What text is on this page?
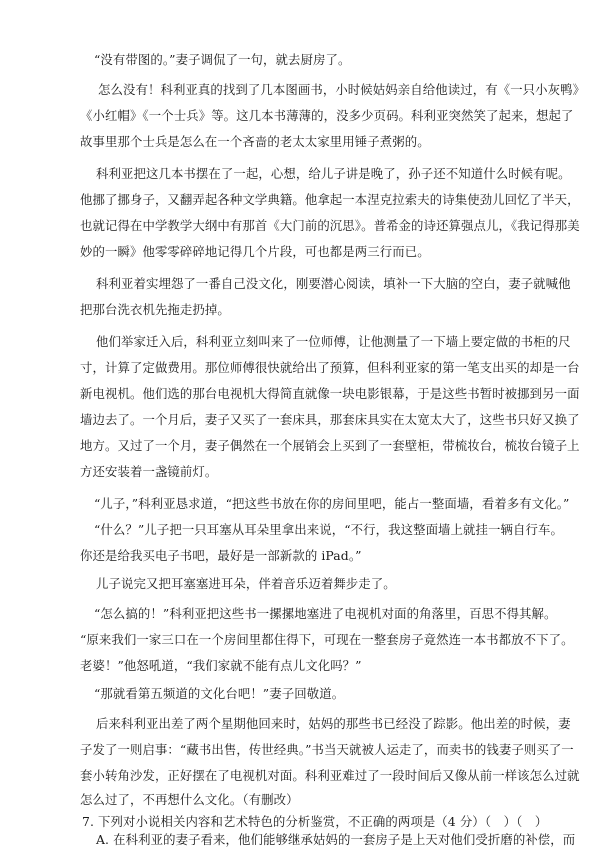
“没有带图的。”妻子调侃了一句，就去厨房了。
怎么没有！科利亚真的找到了几本图画书，小时候姑妈亲自给他读过，有《一只小灰鸭》
《小红帽》《一个士兵》等。这几本书薄薄的，没多少页码。科利亚突然笑了起来，想起了
故事里那个士兵是怎么在一个吝啬的老太太家里用锤子煮粥的。
科利亚把这几本书摆在了一起，心想，给儿子讲是晚了，孙子还不知道什么时候有呢。
他挪了挪身子，又翻弄起各种文学典籍。他拿起一本涅克拉索夫的诗集使劲儿回忆了半天，
也就记得在中学教学大纲中有那首《大门前的沉思》。普希金的诗还算强点儿，《我记得那美
妙的一瞬》他零零碎碎地记得几个片段，可也都是两三行而已。
科利亚着实埋怨了一番自己没文化，刚要潜心阅读，填补一下大脑的空白，妻子就喊他
把那台洗衣机先拖走扔掉。
他们举家迁入后，科利亚立刻叫来了一位师傅，让他测量了一下墙上要定做的书柜的尺
寸，计算了定做费用。那位师傅很快就给出了预算，但科利亚家的第一笔支出买的却是一台
新电视机。他们选的那台电视机大得简直就像一块电影银幕，于是这些书暂时被挪到另一面
墙边去了。一个月后，妻子又买了一套床具，那套床具实在太宽太大了，这些书只好又换了
地方。又过了一个月，妻子偶然在一个展销会上买到了一套壁柜，带梳妆台，梳妆台镜子上
方还安装着一盏镜前灯。
“儿子，”科利亚恳求道，“把这些书放在你的房间里吧，能占一整面墙，看着多有文化。”
“什么？”儿子把一只耳塞从耳朵里拿出来说，“不行，我这整面墙上就挂一辆自行车。
你还是给我买电子书吧，最好是一部新款的 iPad。”
儿子说完又把耳塞塞进耳朵，伴着音乐迈着舞步走了。
“怎么搞的！”科利亚把这些书一摞摞地塞进了电视机对面的角落里，百思不得其解。
“原来我们一家三口在一个房间里都住得下，可现在一整套房子竟然连一本书都放不下了。
老婆！”他怒吼道，“我们家就不能有点儿文化吗？”
“那就看第五频道的文化台吧！”妻子回敬道。
后来科利亚出差了两个星期他回来时，姑妈的那些书已经没了踪影。他出差的时候，妻
子发了一则启事：“藏书出售，传世经典。”书当天就被人运走了，而卖书的钱妻子则买了一
套小转角沙发，正好摆在了电视机对面。科利亚难过了一段时间后又像从前一样该怎么过就
怎么过了，不再想什么文化。（有删改）
7. 下列对小说相关内容和艺术特色的分析鉴赏，不正确的两项是（4 分）（　）（　）
A. 在科利亚的妻子看来，他们能够继承姑妈的一套房子是上天对他们受折磨的补偿，而
